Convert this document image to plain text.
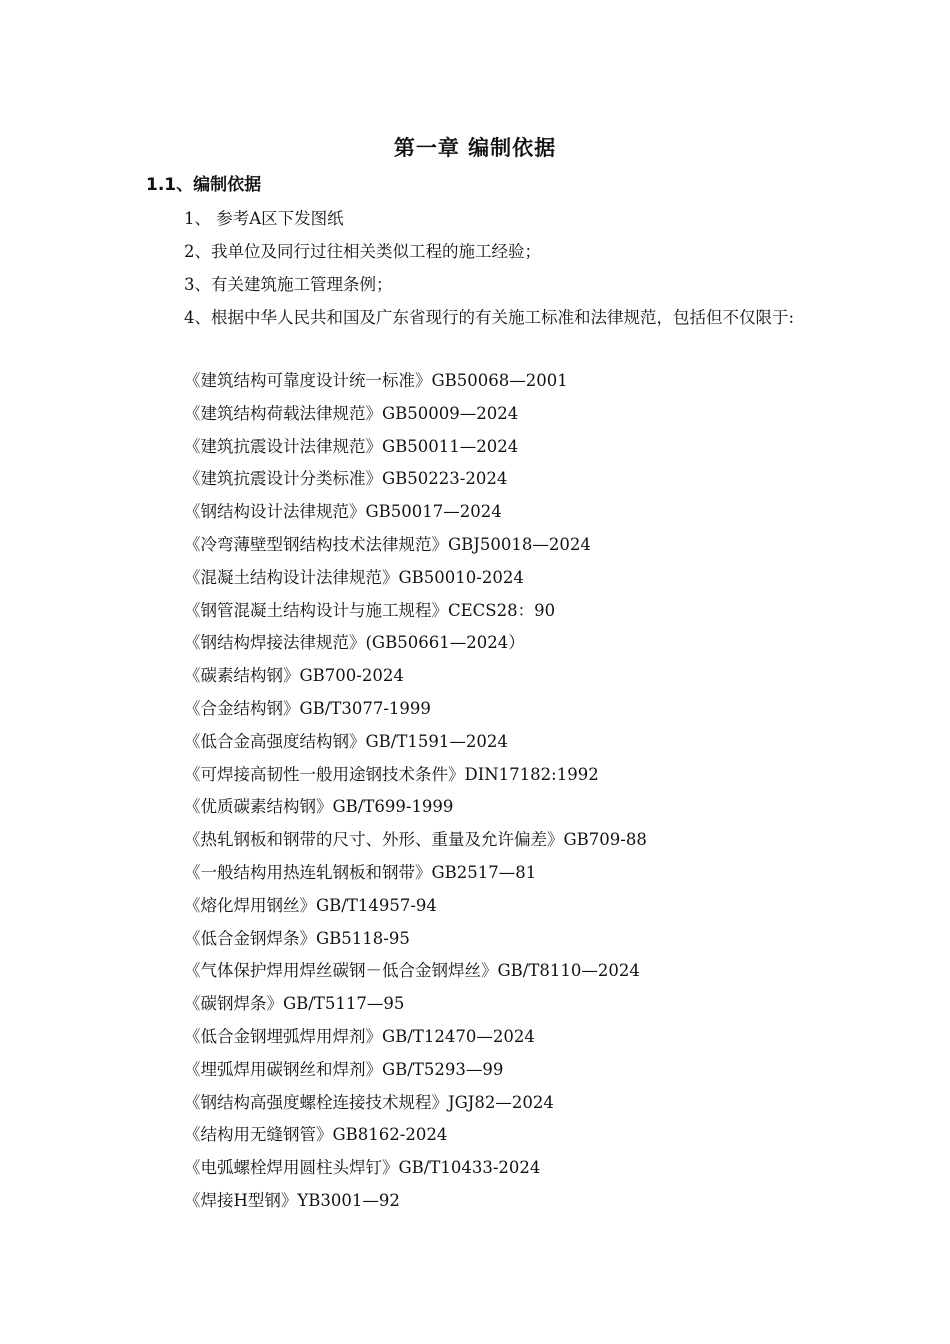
第一章 编制依据
1.1、编制依据
1、 参考A区下发图纸
2、我单位及同行过往相关类似工程的施工经验；
3、有关建筑施工管理条例；
4、根据中华人民共和国及广东省现行的有关施工标准和法律规范，包括但不仅限于:
《建筑结构可靠度设计统一标准》GB50068—2001
《建筑结构荷载法律规范》GB50009—2024
《建筑抗震设计法律规范》GB50011—2024
《建筑抗震设计分类标准》GB50223-2024
《钢结构设计法律规范》GB50017—2024
《冷弯薄壁型钢结构技术法律规范》GBJ50018—2024
《混凝土结构设计法律规范》GB50010-2024
《钢管混凝土结构设计与施工规程》CECS28：90
《钢结构焊接法律规范》(GB50661—2024）
《碳素结构钢》GB700-2024
《合金结构钢》GB/T3077-1999
《低合金高强度结构钢》GB/T1591—2024
《可焊接高韧性一般用途钢技术条件》DIN17182:1992
《优质碳素结构钢》GB/T699-1999
《热轧钢板和钢带的尺寸、外形、重量及允许偏差》GB709-88
《一般结构用热连轧钢板和钢带》GB2517—81
《熔化焊用钢丝》GB/T14957-94
《低合金钢焊条》GB5118-95
《气体保护焊用焊丝碳钢－低合金钢焊丝》GB/T8110—2024
《碳钢焊条》GB/T5117—95
《低合金钢埋弧焊用焊剂》GB/T12470—2024
《埋弧焊用碳钢丝和焊剂》GB/T5293—99
《钢结构高强度螺栓连接技术规程》JGJ82—2024
《结构用无缝钢管》GB8162-2024
《电弧螺栓焊用圆柱头焊钉》GB/T10433-2024
《焊接H型钢》YB3001—92
